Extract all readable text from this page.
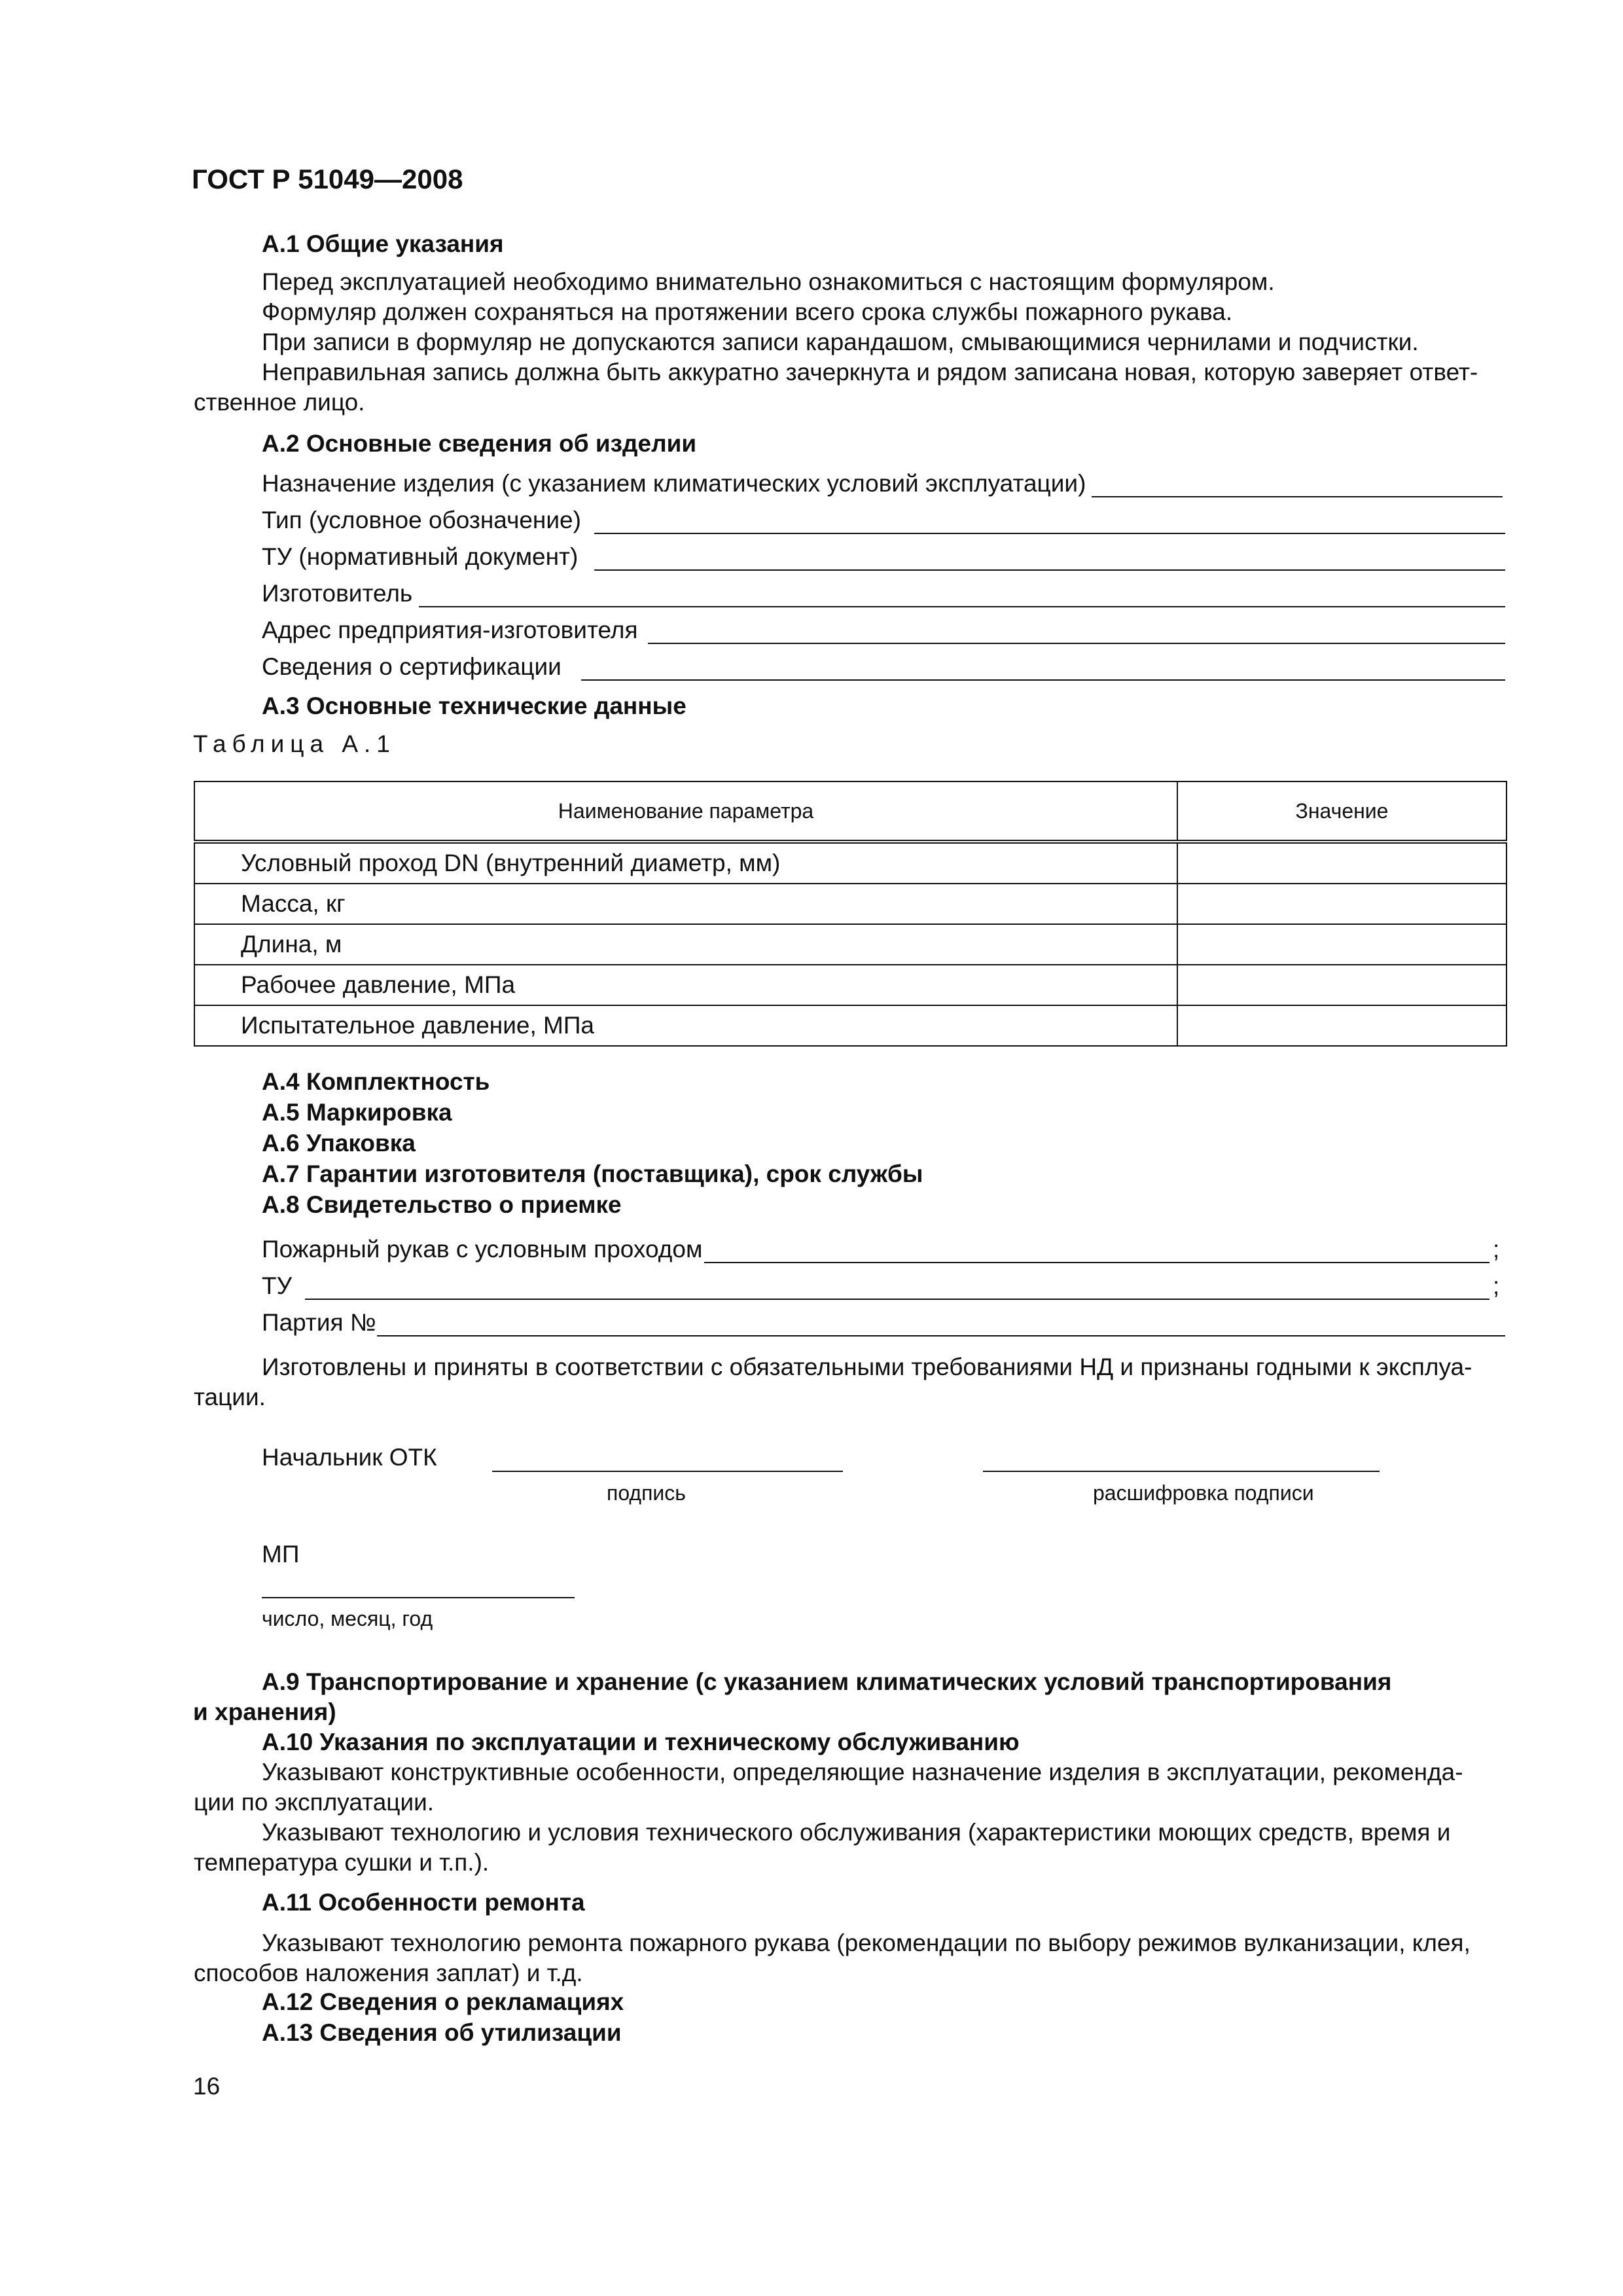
ГОСТ Р 51049—2008
А.1 Общие указания
Перед эксплуатацией необходимо внимательно ознакомиться с настоящим формуляром.
Формуляр должен сохраняться на протяжении всего срока службы пожарного рукава.
При записи в формуляр не допускаются записи карандашом, смывающимися чернилами и подчистки.
Неправильная запись должна быть аккуратно зачеркнута и рядом записана новая, которую заверяет ответ-
ственное лицо.
А.2 Основные сведения об изделии
Назначение изделия (с указанием климатических условий эксплуатации)
Тип (условное обозначение)
ТУ (нормативный документ)
Изготовитель
Адрес предприятия-изготовителя
Сведения о сертификации
А.3 Основные технические данные
Таблица А.1
Наименование параметра	Значение
Условный проход DN (внутренний диаметр, мм)	
Масса, кг	
Длина, м	
Рабочее давление, МПа	
Испытательное давление, МПа	
А.4 Комплектность
А.5 Маркировка
А.6 Упаковка
А.7 Гарантии изготовителя (поставщика), срок службы
А.8 Свидетельство о приемке
Пожарный рукав с условным проходом	;
ТУ	;
Партия №
Изготовлены и приняты в соответствии с обязательными требованиями НД и признаны годными к эксплуа-
тации.
Начальник ОТК
подпись	расшифровка подписи
МП
число, месяц, год
А.9 Транспортирование и хранение (с указанием климатических условий транспортирования
и хранения)
А.10 Указания по эксплуатации и техническому обслуживанию
Указывают конструктивные особенности, определяющие назначение изделия в эксплуатации, рекоменда-
ции по эксплуатации.
Указывают технологию и условия технического обслуживания (характеристики моющих средств, время и
температура сушки и т.п.).
А.11 Особенности ремонта
Указывают технологию ремонта пожарного рукава (рекомендации по выбору режимов вулканизации, клея,
способов наложения заплат) и т.д.
А.12 Сведения о рекламациях
А.13 Сведения об утилизации
16
